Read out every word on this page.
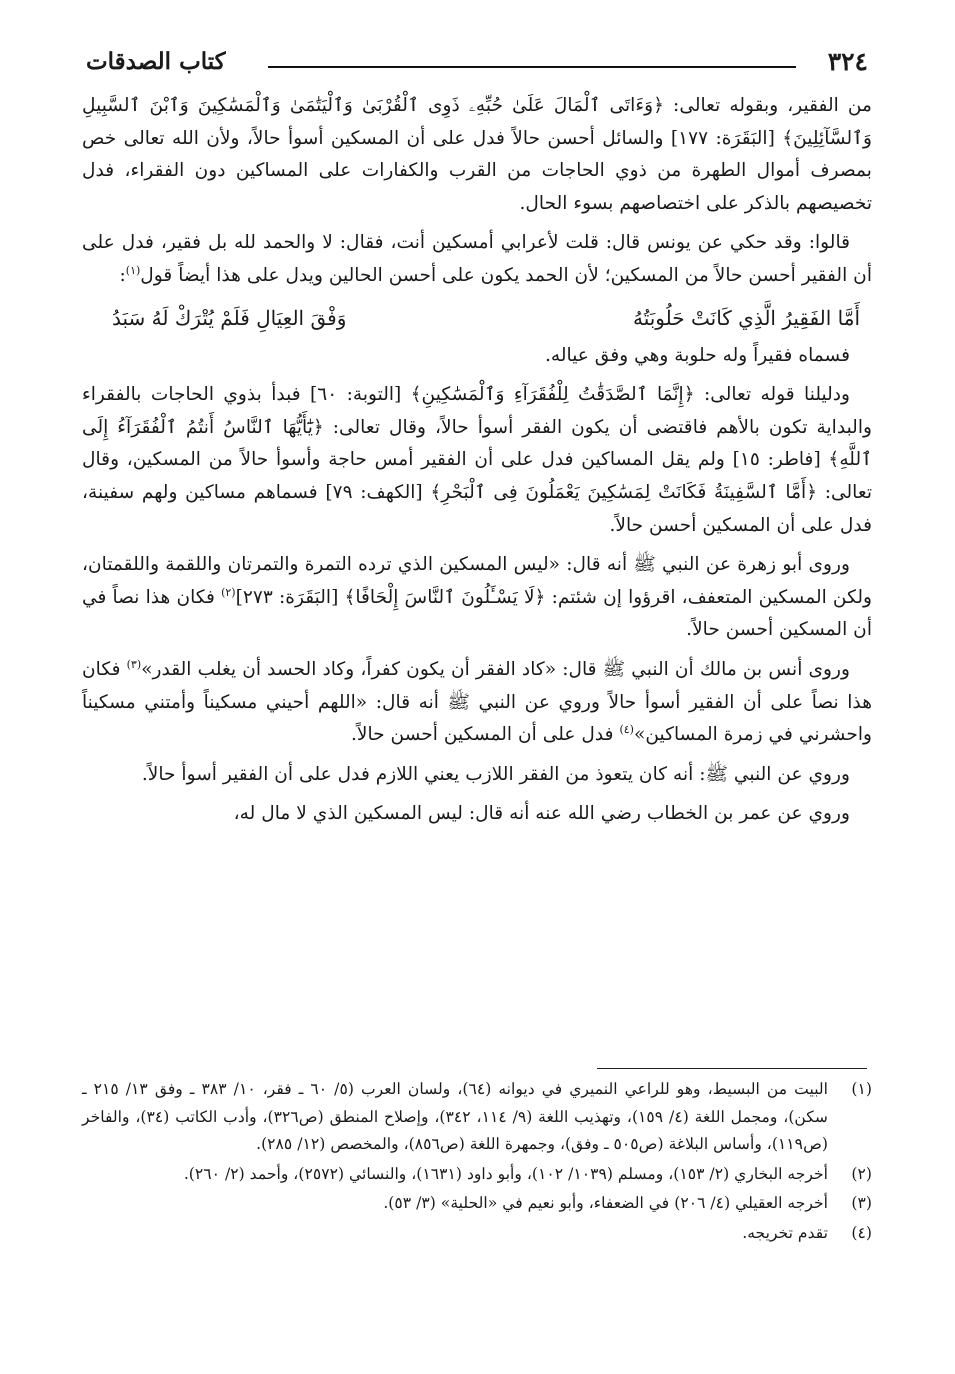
٣٢٤
كتاب الصدقات

من الفقير، وبقوله تعالى: ﴿وَءَاتَى ٱلْمَالَ عَلَىٰ حُبِّهِۦ ذَوِى ٱلْقُرْبَىٰ وَٱلْيَتَٰمَىٰ وَٱلْمَسَٰكِينَ وَٱبْنَ ٱلسَّبِيلِ وَٱلسَّآئِلِينَ﴾ [البَقَرَة: ١٧٧] والسائل أحسن حالاً فدل على أن المسكين أسوأ حالاً، ولأن الله تعالى خص بمصرف أموال الطهرة من ذوي الحاجات من القرب والكفارات على المساكين دون الفقراء، فدل تخصيصهم بالذكر على اختصاصهم بسوء الحال.

قالوا: وقد حكي عن يونس قال: قلت لأعرابي أمسكين أنت، فقال: لا والحمد لله بل فقير، فدل على أن الفقير أحسن حالاً من المسكين؛ لأن الحمد يكون على أحسن الحالين ويدل على هذا أيضاً قول$^{(١)}$:

أَمَّا الفَقِيرُ الَّذِي كَانَتْ حَلُوبَتُهُ
وَفْقَ العِيَالِ فَلَمْ يُتْرَكْ لَهُ سَبَدُ

فسماه فقيراً وله حلوبة وهي وفق عياله.

ودليلنا قوله تعالى: ﴿إِنَّمَا ٱلصَّدَقَٰتُ لِلْفُقَرَآءِ وَٱلْمَسَٰكِينِ﴾ [التوبة: ٦٠] فبدأ بذوي الحاجات بالفقراء والبداية تكون بالأهم فاقتضى أن يكون الفقر أسوأ حالاً، وقال تعالى: ﴿يَٰٓأَيُّهَا ٱلنَّاسُ أَنتُمُ ٱلْفُقَرَآءُ إِلَى ٱللَّهِ﴾ [فاطر: ١٥] ولم يقل المساكين فدل على أن الفقير أمس حاجة وأسوأ حالاً من المسكين، وقال تعالى: ﴿أَمَّا ٱلسَّفِينَةُ فَكَانَتْ لِمَسَٰكِينَ يَعْمَلُونَ فِى ٱلْبَحْرِ﴾ [الكهف: ٧٩] فسماهم مساكين ولهم سفينة، فدل على أن المسكين أحسن حالاً.

وروى أبو زهرة عن النبي ﷺ أنه قال: «ليس المسكين الذي ترده التمرة والتمرتان واللقمة واللقمتان، ولكن المسكين المتعفف، اقرؤوا إن شئتم: ﴿لَا يَسْـَٔلُونَ ٱلنَّاسَ إِلْحَافًا﴾ [البَقَرَة: ٢٧٣]$^{(٢)}$ فكان هذا نصاً في أن المسكين أحسن حالاً.

وروى أنس بن مالك أن النبي ﷺ قال: «كاد الفقر أن يكون كفراً، وكاد الحسد أن يغلب القدر»$^{(٣)}$ فكان هذا نصاً على أن الفقير أسوأ حالاً وروي عن النبي ﷺ أنه قال: «اللهم أحيني مسكيناً وأمتني مسكيناً واحشرني في زمرة المساكين»$^{(٤)}$ فدل على أن المسكين أحسن حالاً.

وروي عن النبي ﷺ: أنه كان يتعوذ من الفقر اللازب يعني اللازم فدل على أن الفقير أسوأ حالاً.

وروي عن عمر بن الخطاب رضي الله عنه أنه قال: ليس المسكين الذي لا مال له،

(١)
البيت من البسيط، وهو للراعي النميري في ديوانه (٦٤)، ولسان العرب (٥/ ٦٠ ـ فقر، ١٠/ ٣٨٣ ـ وفق ١٣/ ٢١٥ ـ سكن)، ومجمل اللغة (٤/ ١٥٩)، وتهذيب اللغة (٩/ ١١٤، ٣٤٢)، وإصلاح المنطق (ص٣٢٦)، وأدب الكاتب (٣٤)، والفاخر (ص١١٩)، وأساس البلاغة (ص٥٠٥ ـ وفق)، وجمهرة اللغة (ص٨٥٦)، والمخصص (١٢/ ٢٨٥).
(٢)
أخرجه البخاري (٢/ ١٥٣)، ومسلم (١٠٣٩/ ١٠٢)، وأبو داود (١٦٣١)، والنسائي (٢٥٧٢)، وأحمد (٢/ ٢٦٠).
(٣)
أخرجه العقيلي (٤/ ٢٠٦) في الضعفاء، وأبو نعيم في «الحلية» (٣/ ٥٣).
(٤)
تقدم تخريجه.
